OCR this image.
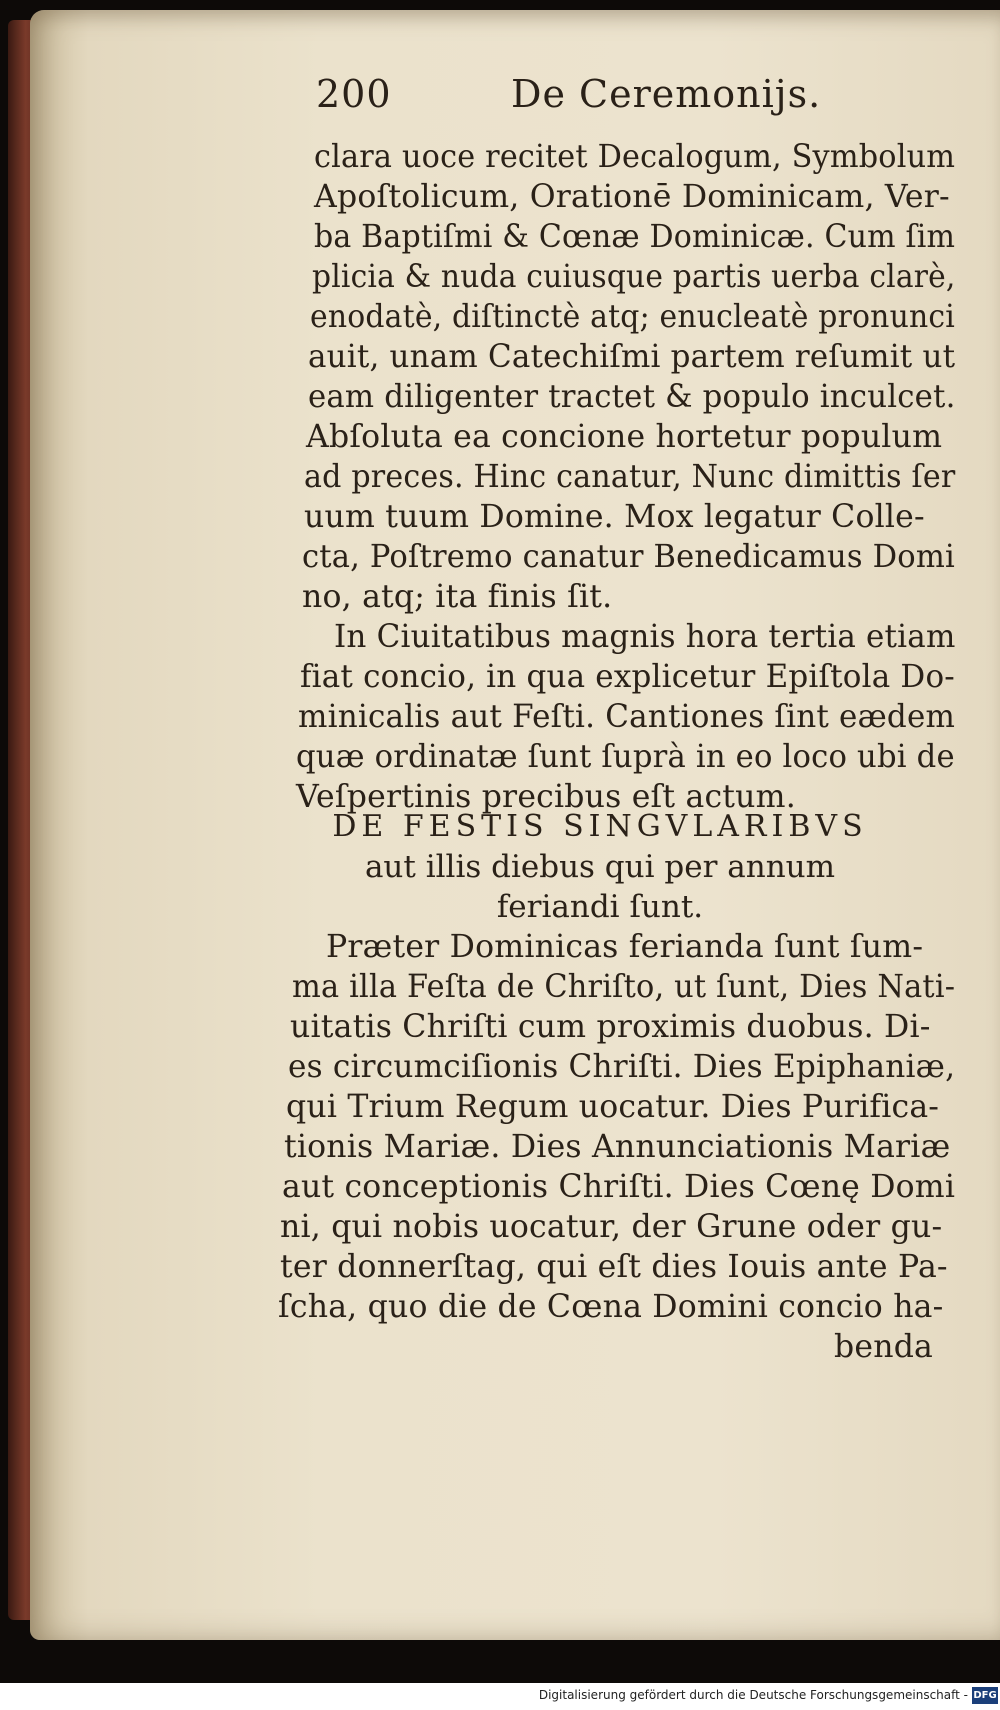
200	De Ceremonijs.
clara uoce recitet Decalogum, Symbolum
Apoſtolicum, Orationē Dominicam, Ver-
ba Baptiſmi & Cœnæ Dominicæ. Cum ſim
plicia & nuda cuiusque partis uerba clarè,
enodatè, diſtinctè atq; enucleatè pronunci
auit, unam Catechiſmi partem reſumit ut
eam diligenter tractet & populo inculcet.
Abſoluta ea concione hortetur populum
ad preces. Hinc canatur, Nunc dimittis ſer
uum tuum Domine. Mox legatur Colle-
cta, Poſtremo canatur Benedicamus Domi
no, atq; ita finis ſit.
In Ciuitatibus magnis hora tertia etiam
fiat concio, in qua explicetur Epiſtola Do-
minicalis aut Feſti. Cantiones ſint eædem
quæ ordinatæ ſunt ſuprà in eo loco ubi de
Veſpertinis precibus eſt actum.
DE FESTIS SINGVLARIBVS
aut illis diebus qui per annum
feriandi ſunt.
Præter Dominicas ferianda ſunt ſum-
ma illa Feſta de Chriſto, ut ſunt, Dies Nati-
uitatis Chriſti cum proximis duobus. Di-
es circumciſionis Chriſti. Dies Epiphaniæ,
qui Trium Regum uocatur. Dies Purifica-
tionis Mariæ. Dies Annunciationis Mariæ
aut conceptionis Chriſti. Dies Cœnę Domi
ni, qui nobis uocatur, der Grune oder gu-
ter donnerſtag, qui eſt dies Iouis ante Pa-
ſcha, quo die de Cœna Domini concio ha-
benda
Digitalisierung gefördert durch die Deutsche Forschungsgemeinschaft - DFG
